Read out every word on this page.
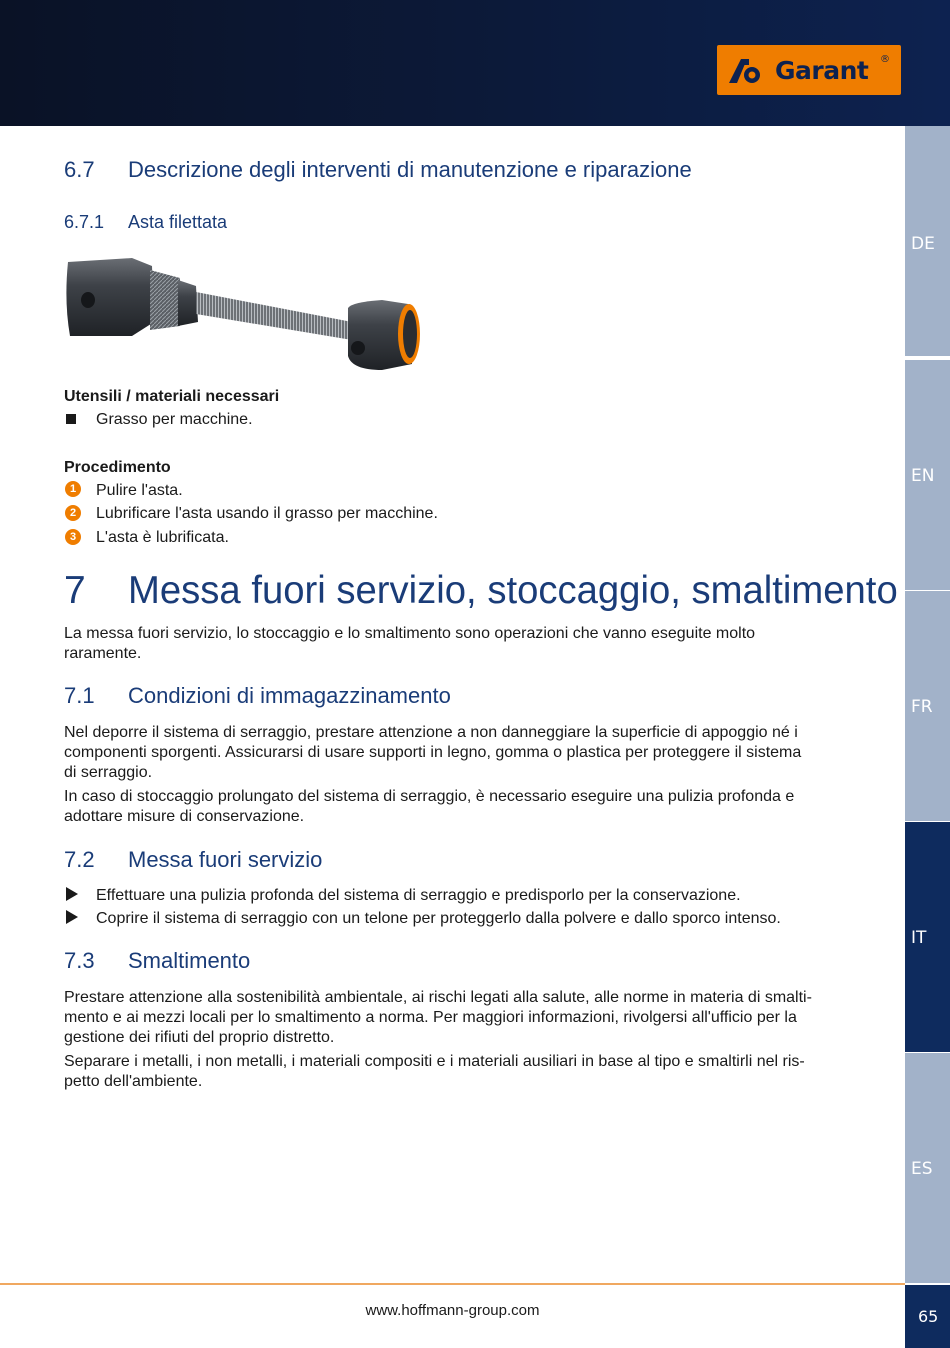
Garant ®
DE
EN
FR
IT
ES
65
6.7 Descrizione degli interventi di manutenzione e riparazione
6.7.1 Asta filettata
Utensili / materiali necessari
Grasso per macchine.
Procedimento
1	Pulire l'asta.
2	Lubrificare l'asta usando il grasso per macchine.
3	L'asta è lubrificata.
7 Messa fuori servizio, stoccaggio, smaltimento
La messa fuori servizio, lo stoccaggio e lo smaltimento sono operazioni che vanno eseguite molto
raramente.
7.1 Condizioni di immagazzinamento
Nel deporre il sistema di serraggio, prestare attenzione a non danneggiare la superficie di appoggio né i
componenti sporgenti. Assicurarsi di usare supporti in legno, gomma o plastica per proteggere il sistema
di serraggio.
In caso di stoccaggio prolungato del sistema di serraggio, è necessario eseguire una pulizia profonda e
adottare misure di conservazione.
7.2 Messa fuori servizio
Effettuare una pulizia profonda del sistema di serraggio e predisporlo per la conservazione.
Coprire il sistema di serraggio con un telone per proteggerlo dalla polvere e dallo sporco intenso.
7.3 Smaltimento
Prestare attenzione alla sostenibilità ambientale, ai rischi legati alla salute, alle norme in materia di smalti-
mento e ai mezzi locali per lo smaltimento a norma. Per maggiori informazioni, rivolgersi all'ufficio per la
gestione dei rifiuti del proprio distretto.
Separare i metalli, i non metalli, i materiali compositi e i materiali ausiliari in base al tipo e smaltirli nel ris-
petto dell'ambiente.
www.hoffmann-group.com
